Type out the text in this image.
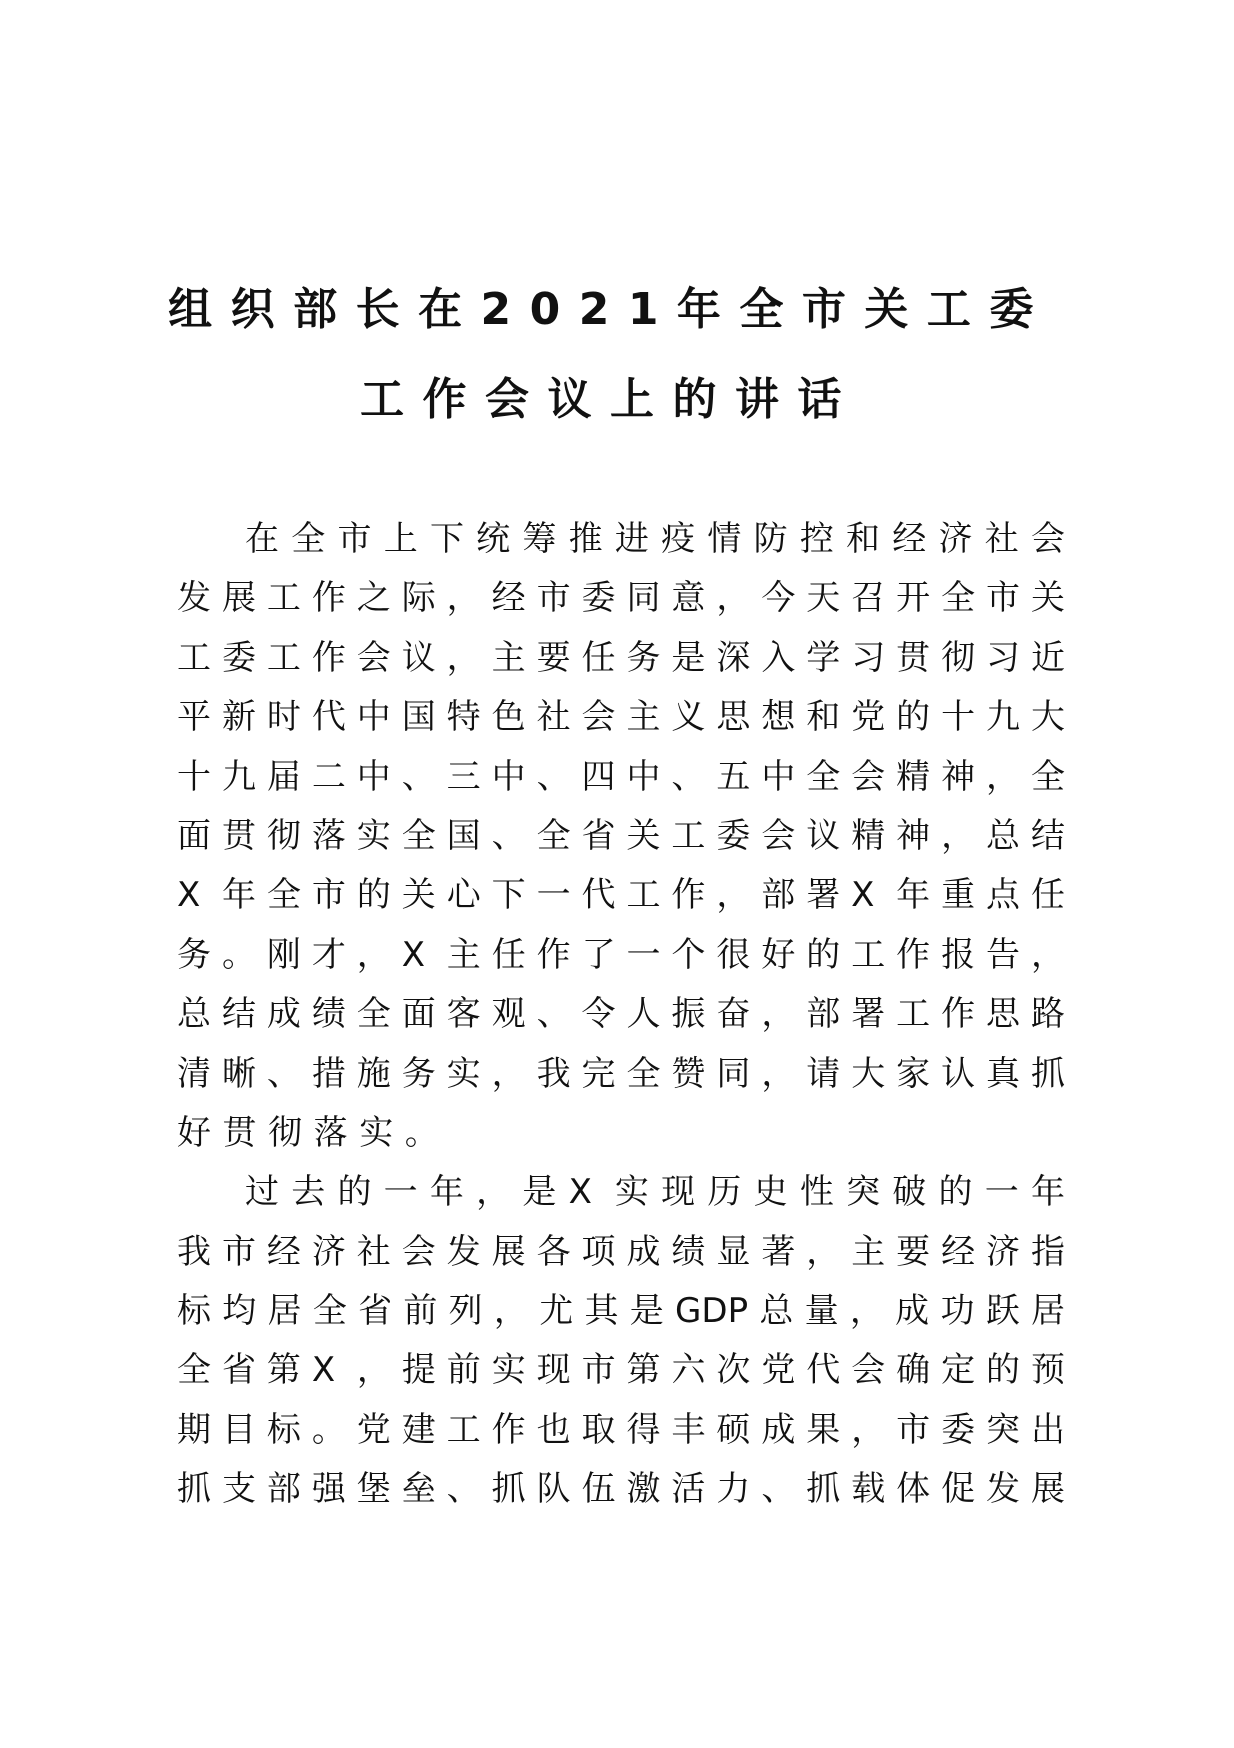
组织部长在2021年全市关工委
工作会议上的讲话
在全市上下统筹推进疫情防控和经济社会
发展工作之际，经市委同意，今天召开全市关
工委工作会议，主要任务是深入学习贯彻习近
平新时代中国特色社会主义思想和党的十九大
十九届二中、三中、四中、五中全会精神，全
面贯彻落实全国、全省关工委会议精神，总结
X 年全市的关心下一代工作，部署X 年重点任
务。刚才，X 主任作了一个很好的工作报告，
总结成绩全面客观、令人振奋，部署工作思路
清晰、措施务实，我完全赞同，请大家认真抓
好贯彻落实。
过去的一年，是X 实现历史性突破的一年
我市经济社会发展各项成绩显著，主要经济指
标均居全省前列，尤其是GDP总量，成功跃居
全省第X ，提前实现市第六次党代会确定的预
期目标。党建工作也取得丰硕成果，市委突出
抓支部强堡垒、抓队伍激活力、抓载体促发展
